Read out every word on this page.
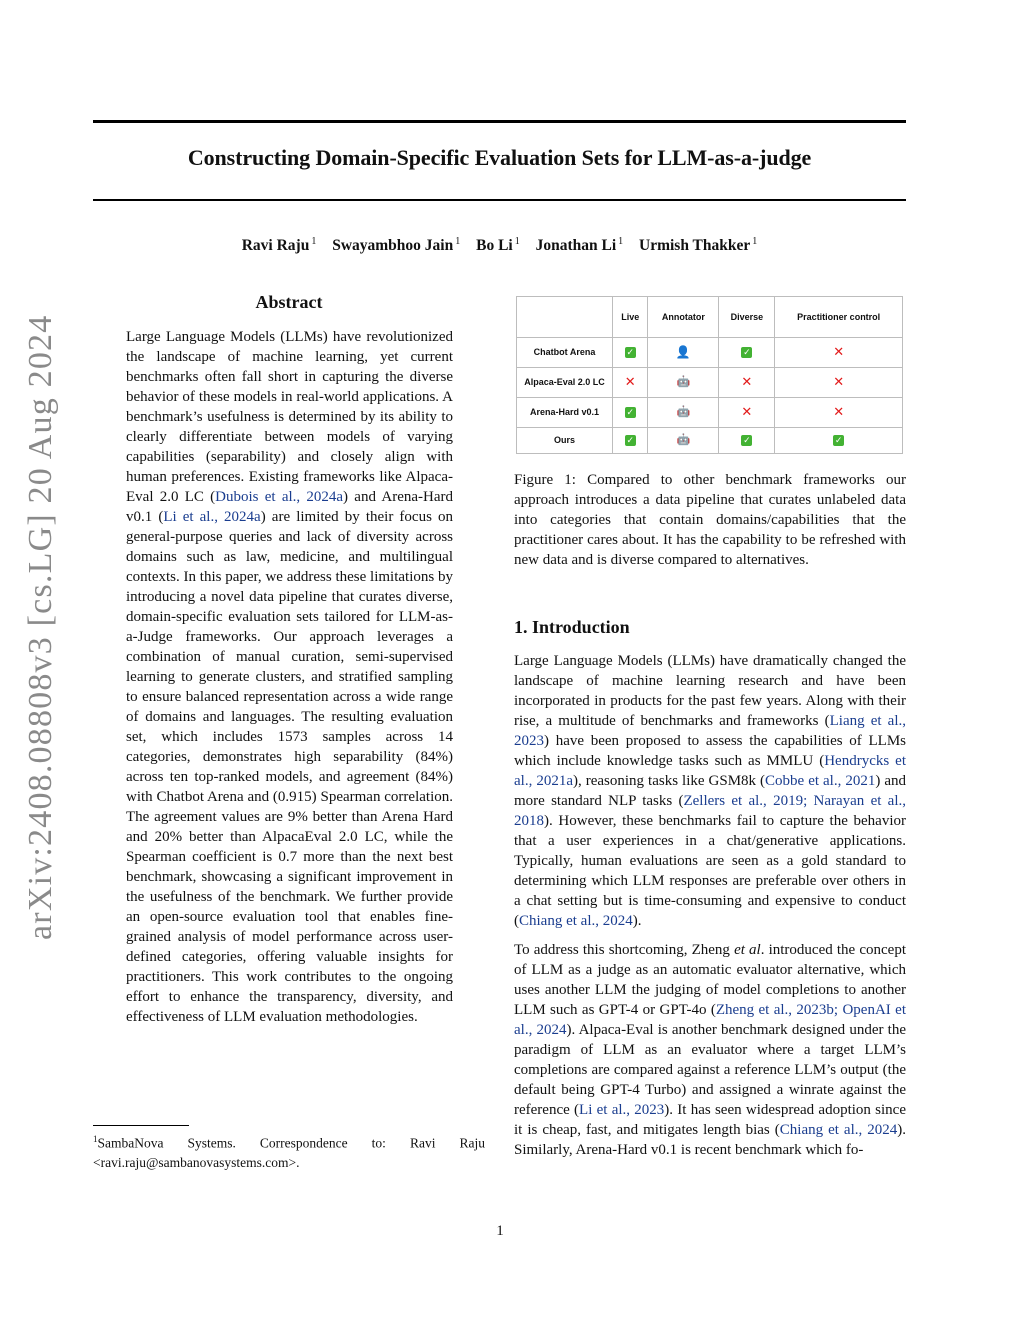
Constructing Domain-Specific Evaluation Sets for LLM-as-a-judge
Ravi Raju $^1$ Swayambhoo Jain $^1$ Bo Li $^1$ Jonathan Li $^1$ Urmish Thakker $^1$
arXiv:2408.08808v3 [cs.LG] 20 Aug 2024
Abstract
Large Language Models (LLMs) have revolutionized the landscape of machine learning, yet current benchmarks often fall short in capturing the diverse behavior of these models in real-world applications. A benchmark’s usefulness is determined by its ability to clearly differentiate between models of varying capabilities (separability) and closely align with human preferences. Existing frameworks like Alpaca-Eval 2.0 LC (Dubois et al., 2024a) and Arena-Hard v0.1 (Li et al., 2024a) are limited by their focus on general-purpose queries and lack of diversity across domains such as law, medicine, and multilingual contexts. In this paper, we address these limitations by introducing a novel data pipeline that curates diverse, domain-specific evaluation sets tailored for LLM-as-a-Judge frameworks. Our approach leverages a combination of manual curation, semi-supervised learning to generate clusters, and stratified sampling to ensure balanced representation across a wide range of domains and languages. The resulting evaluation set, which includes 1573 samples across 14 categories, demonstrates high separability (84%) across ten top-ranked models, and agreement (84%) with Chatbot Arena and (0.915) Spearman correlation. The agreement values are 9% better than Arena Hard and 20% better than AlpacaEval 2.0 LC, while the Spearman coefficient is 0.7 more than the next best benchmark, showcasing a significant improvement in the usefulness of the benchmark. We further provide an open-source evaluation tool that enables fine-grained analysis of model performance across user-defined categories, offering valuable insights for practitioners. This work contributes to the ongoing effort to enhance the transparency, diversity, and effectiveness of LLM evaluation methodologies.
$^1$SambaNova Systems. Correspondence to: Ravi Raju <ravi.raju@sambanovasystems.com>.
	Live	Annotator	Diverse	Practitioner control
Chatbot Arena	✓	👤	✓	✕
Alpaca-Eval 2.0 LC	✕	🤖	✕	✕
Arena-Hard v0.1	✓	🤖	✕	✕
Ours	✓	🤖	✓	✓
Figure 1: Compared to other benchmark frameworks our approach introduces a data pipeline that curates unlabeled data into categories that contain domains/capabilities that the practitioner cares about. It has the capability to be refreshed with new data and is diverse compared to alternatives.
1. Introduction

Large Language Models (LLMs) have dramatically changed the landscape of machine learning research and have been incorporated in products for the past few years. Along with their rise, a multitude of benchmarks and frameworks (Liang et al., 2023) have been proposed to assess the capabilities of LLMs which include knowledge tasks such as MMLU (Hendrycks et al., 2021a), reasoning tasks like GSM8k (Cobbe et al., 2021) and more standard NLP tasks (Zellers et al., 2019; Narayan et al., 2018). However, these benchmarks fail to capture the behavior that a user experiences in a chat/generative applications. Typically, human evaluations are seen as a gold standard to determining which LLM responses are preferable over others in a chat setting but is time-consuming and expensive to conduct (Chiang et al., 2024).

To address this shortcoming, Zheng et al. introduced the concept of LLM as a judge as an automatic evaluator alternative, which uses another LLM the judging of model completions to another LLM such as GPT-4 or GPT-4o (Zheng et al., 2023b; OpenAI et al., 2024). Alpaca-Eval is another benchmark designed under the paradigm of LLM as an evaluator where a target LLM’s completions are compared against a reference LLM’s output (the default being GPT-4 Turbo) and assigned a winrate against the reference (Li et al., 2023). It has seen widespread adoption since it is cheap, fast, and mitigates length bias (Chiang et al., 2024). Similarly, Arena-Hard v0.1 is recent benchmark which fo-

1
